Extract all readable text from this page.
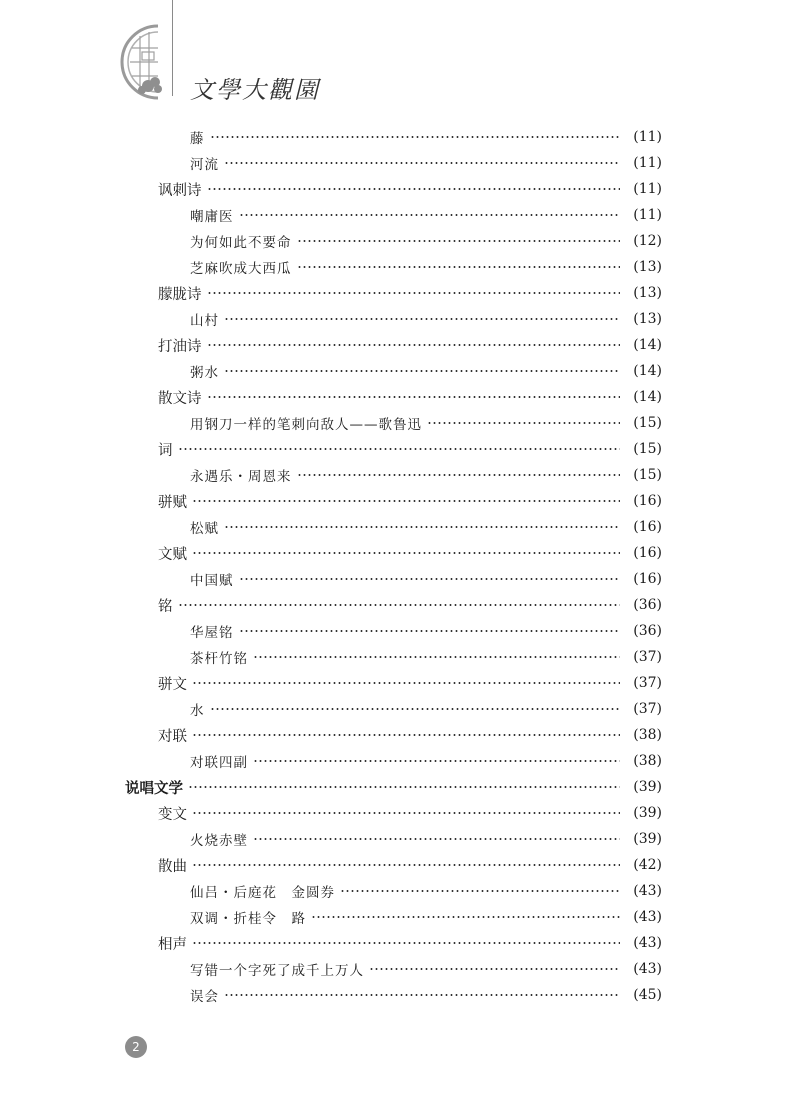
文學大觀園
藤	(11)
河流	(11)
讽刺诗	(11)
嘲庸医	(11)
为何如此不要命	(12)
芝麻吹成大西瓜	(13)
朦胧诗	(13)
山村	(13)
打油诗	(14)
粥水	(14)
散文诗	(14)
用钢刀一样的笔刺向敌人——歌鲁迅	(15)
词	(15)
永遇乐・周恩来	(15)
骈赋	(16)
松赋	(16)
文赋	(16)
中国赋	(16)
铭	(36)
华屋铭	(36)
茶杆竹铭	(37)
骈文	(37)
水	(37)
对联	(38)
对联四副	(38)
说唱文学	(39)
变文	(39)
火烧赤壁	(39)
散曲	(42)
仙吕・后庭花　金圆券	(43)
双调・折桂令　路	(43)
相声	(43)
写错一个字死了成千上万人	(43)
误会	(45)
2
